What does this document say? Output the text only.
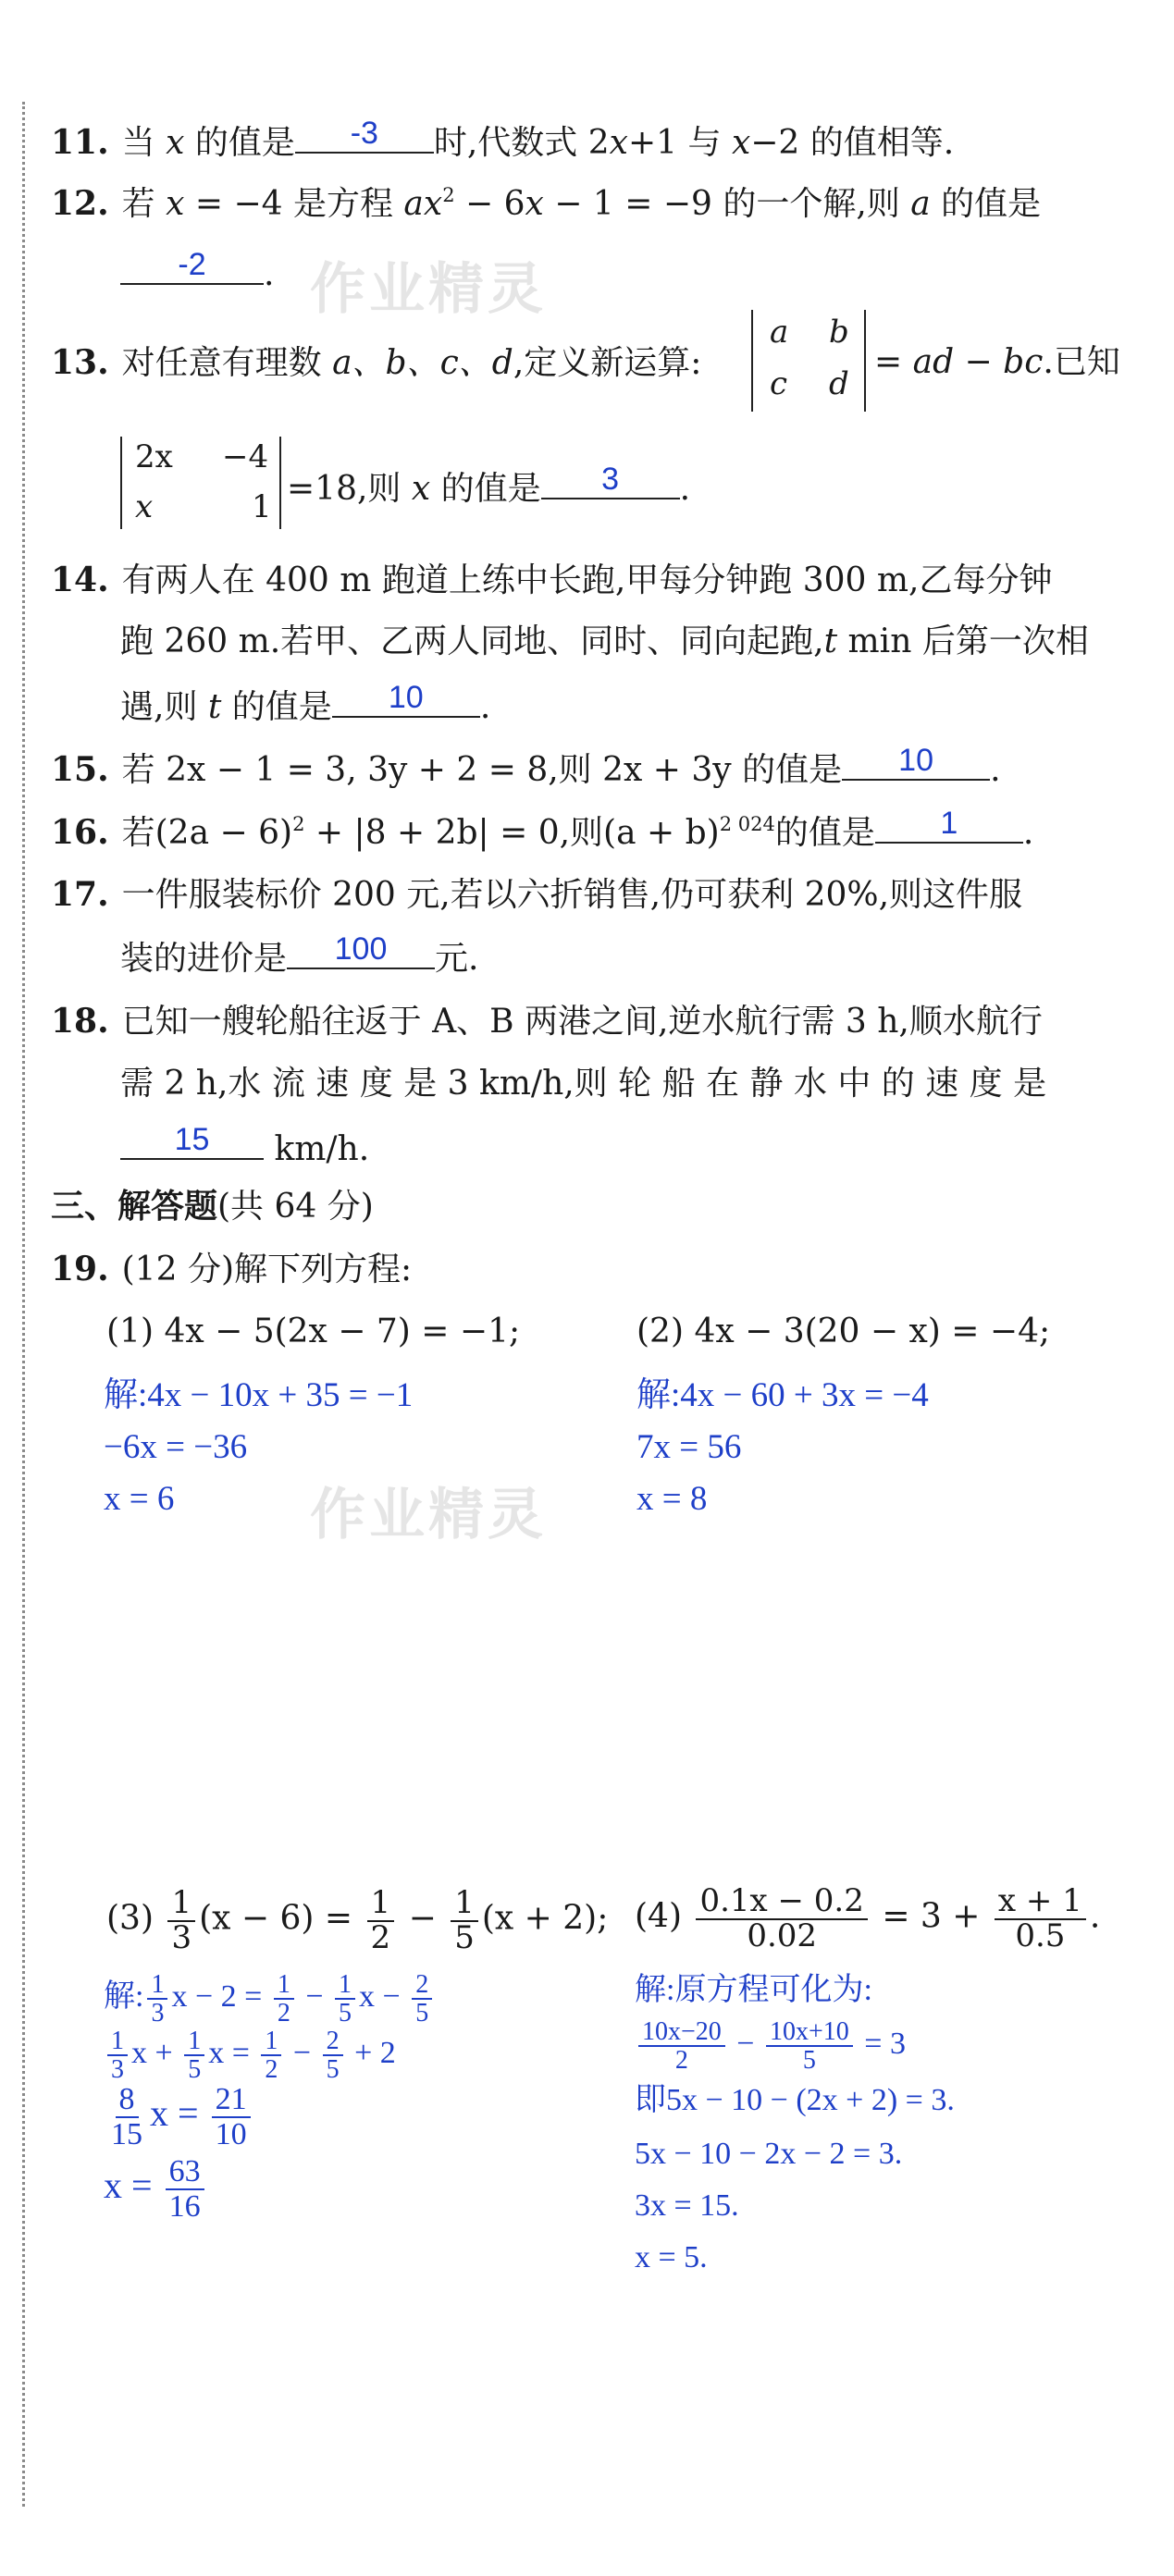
作业精灵
作业精灵
11. 当 x 的值是	-3	时,代数式 2x+1 与 x−2 的值相等.
12. 若 x = −4 是方程 $ax^2 - 6x - 1 = -9$ 的一个解,则 a 的值是
-2	.
13. 对任意有理数 a、b、c、d,定义新运算:
a b
c d
= ad − bc.已知
2x −4
x	1 =18,则 x 的值是	3	.
14. 有两人在 400 m 跑道上练中长跑,甲每分钟跑 300 m,乙每分钟
跑 260 m.若甲、乙两人同地、同时、同向起跑,t min 后第一次相
遇,则 t 的值是	10	.
15. 若 2x − 1 = 3, 3y + 2 = 8,则 2x + 3y 的值是	10	.
16. 若$(2a - 6)^2 + |8 + 2b| = 0$,则$(a + b)^{2 024}$的值是	1	.
17. 一件服装标价 200 元,若以六折销售,仍可获利 20%,则这件服
装的进价是	100	元.
18. 已知一艘轮船往返于 A、B 两港之间,逆水航行需 3 h,顺水航行
需 2 h,水 流 速 度 是 3 km/h,则 轮 船 在 静 水 中 的 速 度 是
15	km/h.
三、解答题(共 64 分)
19. (12 分)解下列方程:
(1) 4x − 5(2x − 7) = −1;
解:4x − 10x + 35 = −1
−6x = −36
x = 6
(2) 4x − 3(20 − x) = −4;
解:4x − 60 + 3x = −4
7x = 56
x = 8
$(3) \frac{1}{3} (x - 6) = \frac{1}{2} - \frac{1}{5} (x + 2)$;
解: $\frac{1}{3}$ $x - 2 = \frac{1}{2} - \frac{1}{5}$ $x - \frac{2}{5}$
$\frac{1}{3}$ $x + \frac{1}{5}$ $x = \frac{1}{2} - \frac{2}{5} + 2$
$\frac{8}{15}$ $x = \frac{21}{10}$
$x = \frac{63}{16}$
$(4) \frac{0.1x - 0.2}{0.02} = 3 + \frac{x + 1}{0.5}$ .
解:原方程可化为:
$\frac{10x-20}{2} - \frac{10x+10}{5} = 3$
即5x − 10 − (2x + 2) = 3.
5x − 10 − 2x − 2 = 3.
3x = 15.
x = 5.
